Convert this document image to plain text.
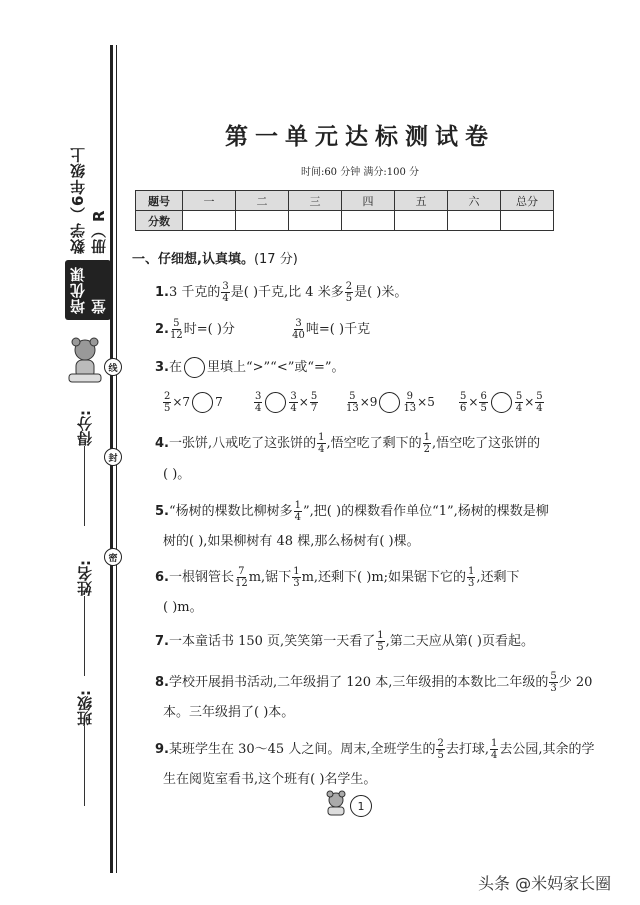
培优课堂
数学（6年级上册）R
线
封
密
得分:
姓名:
班级:
第一单元达标测试卷
时间:60 分钟 满分:100 分
题号	一	二	三	四	五	六	总分
分数							
一、仔细想,认真填。(17 分)
1.3 千克的 $\frac{3}{4}$ 是( )千克,比 4 米多 $\frac{2}{5}$ 是( )米。
2. $\frac{5}{12}$ 时=( )分	$\frac{3}{40}$ 吨=( )千克
3.在 里填上“>”“<”或“=”。
$\frac{2}{5} \times 7$ 7	$\frac{3}{4}$	$\frac{3}{4} \times \frac{5}{7}$	$\frac{5}{13} \times 9$	$\frac{9}{13} \times 5 \frac{5}{6} \times \frac{6}{5}$	$\frac{5}{4} \times \frac{5}{4}$
4.一张饼,八戒吃了这张饼的 $\frac{1}{4}$ ,悟空吃了剩下的 $\frac{1}{2}$ ,悟空吃了这张饼的
( )。
5.“杨树的棵数比柳树多 $\frac{1}{4}$ ”,把( )的棵数看作单位“1”,杨树的棵数是柳
树的( ),如果柳树有 48 棵,那么杨树有( )棵。
6.一根钢管长 $\frac{7}{12} m$,锯下 $\frac{1}{3} m$,还剩下( )m;如果锯下它的 $\frac{1}{3}$ ,还剩下
( )m。
7.一本童话书 150 页,笑笑第一天看了 $\frac{1}{5}$ ,第二天应从第( )页看起。
8.学校开展捐书活动,二年级捐了 120 本,三年级捐的本数比二年级的 $\frac{5}{3}$ 少 20
本。三年级捐了( )本。
9.某班学生在 30～45 人之间。周末,全班学生的 $\frac{2}{5}$ 去打球, $\frac{1}{4}$ 去公园,其余的学
生在阅览室看书,这个班有( )名学生。
1
头条 @米妈家长圈
